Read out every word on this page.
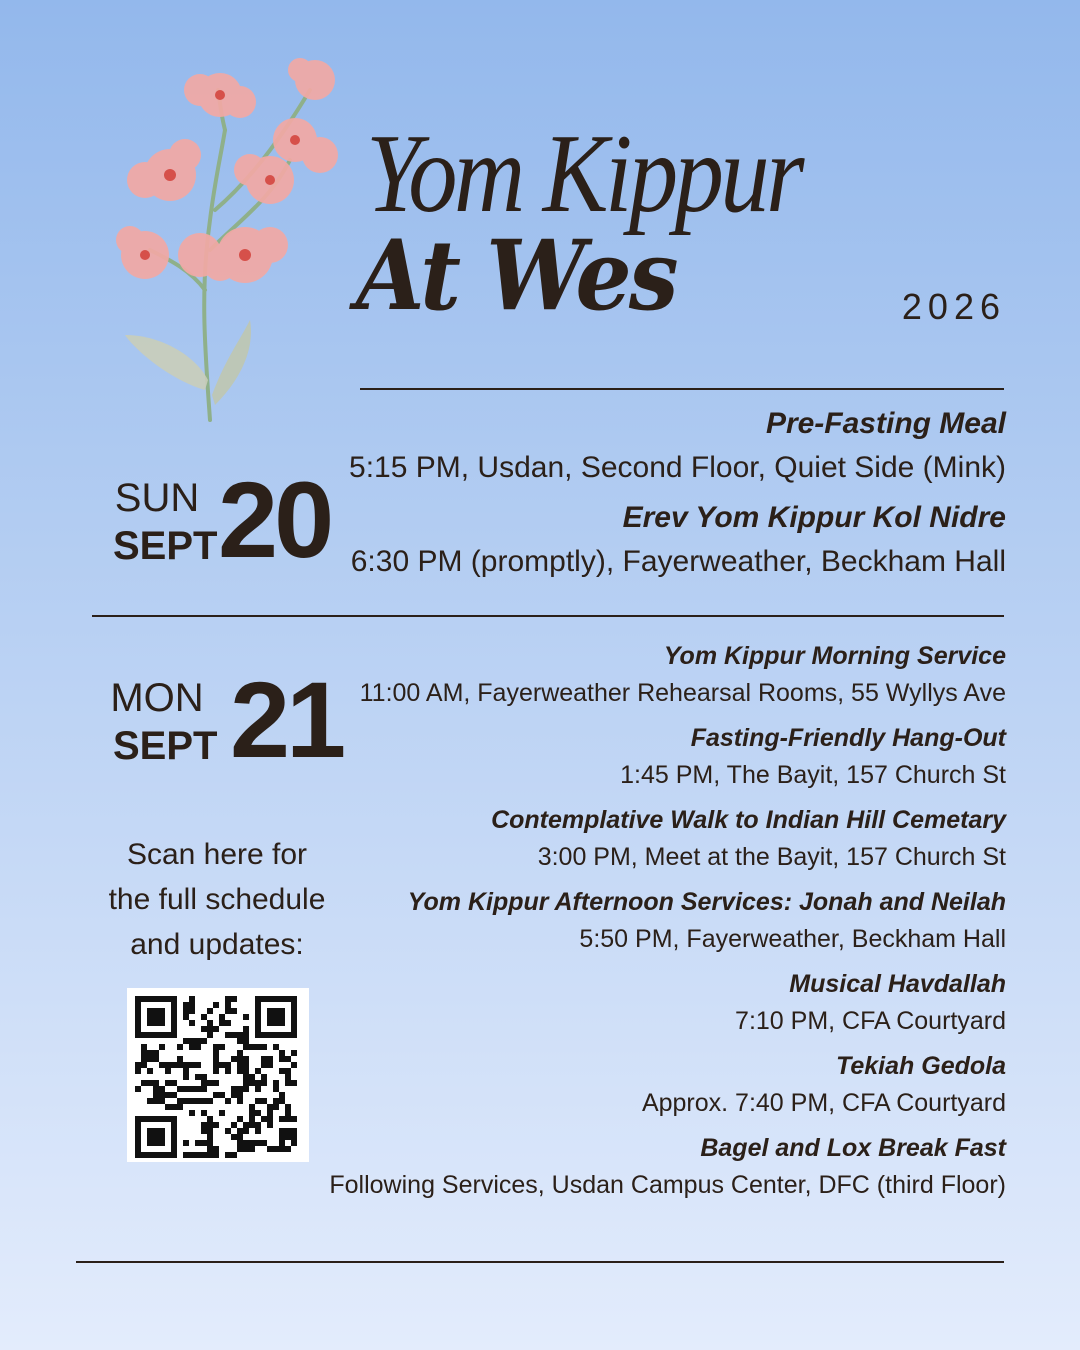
Yom Kippur
At Wes	2026
SUN
SEPT 20
Pre-Fasting Meal
5:15 PM, Usdan, Second Floor, Quiet Side (Mink)
Erev Yom Kippur Kol Nidre
6:30 PM (promptly), Fayerweather, Beckham Hall
MON
SEPT 21
Yom Kippur Morning Service
11:00 AM, Fayerweather Rehearsal Rooms, 55 Wyllys Ave
Fasting-Friendly Hang-Out
1:45 PM, The Bayit, 157 Church St
Contemplative Walk to Indian Hill Cemetary
3:00 PM, Meet at the Bayit, 157 Church St
Yom Kippur Afternoon Services: Jonah and Neilah
5:50 PM, Fayerweather, Beckham Hall
Musical Havdallah
7:10 PM, CFA Courtyard
Tekiah Gedola
Approx. 7:40 PM, CFA Courtyard
Bagel and Lox Break Fast
Following Services, Usdan Campus Center, DFC (third Floor)
Scan here for
the full schedule
and updates:
